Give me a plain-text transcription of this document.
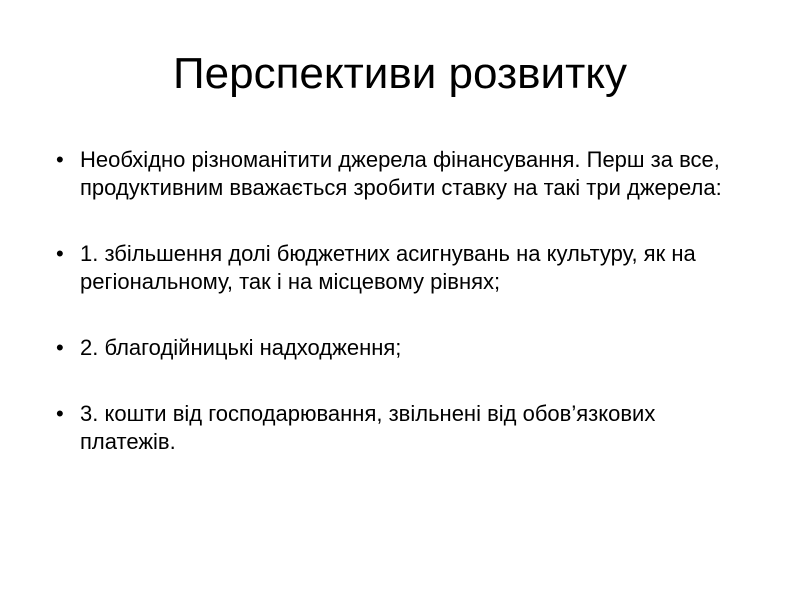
Перспективи розвитку
• Необхідно різноманітити джерела фінансування. Перш за все, продуктивним вважається зробити ставку на такі три джерела:
• 1. збільшення долі бюджетних асигнувань на культуру, як на регіональному, так і на місцевому рівнях;
• 2. благодійницькі надходження;
• 3. кошти від господарювання, звільнені від обов’язкових платежів.
